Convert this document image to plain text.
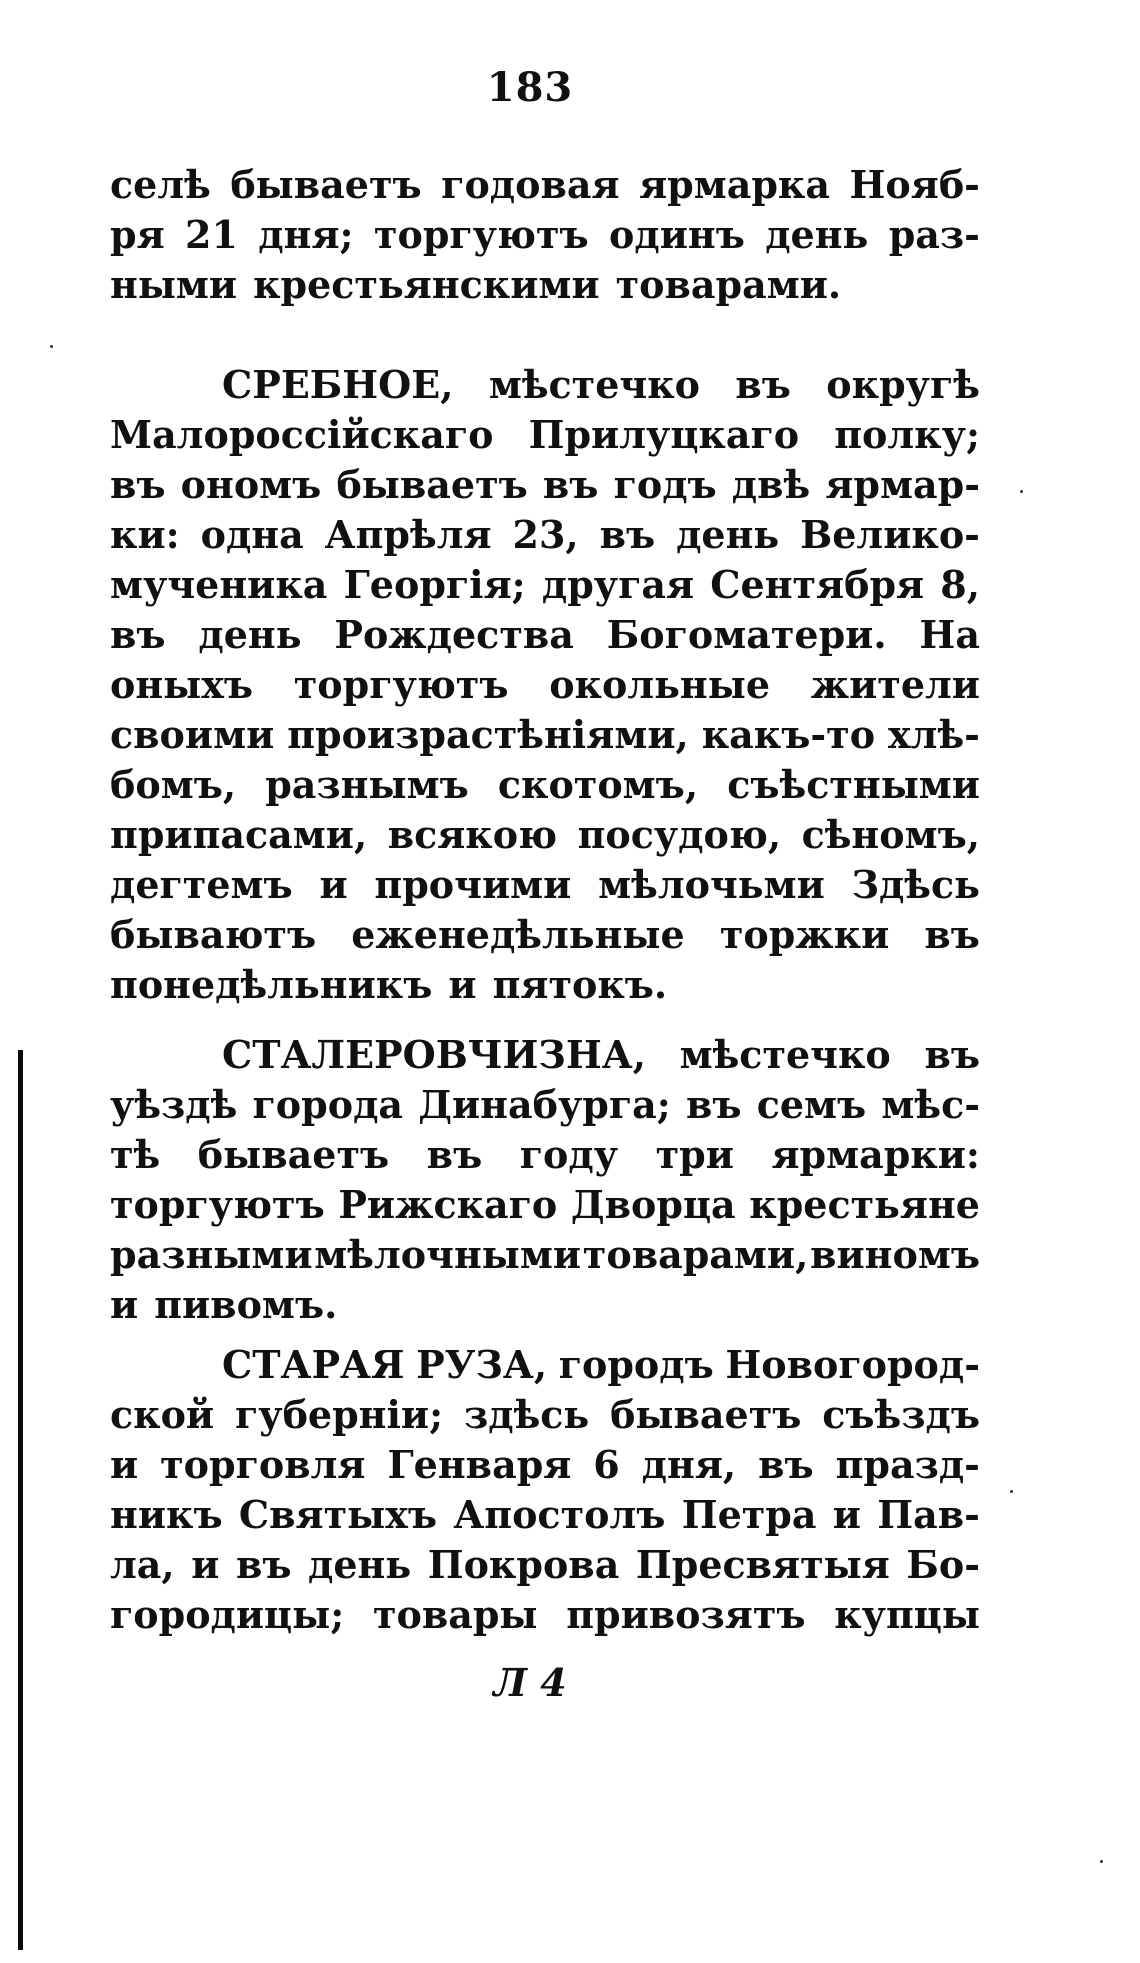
183
селѣ бываетъ годовая ярмарка Нояб-
ря 21 дня; торгуютъ одинъ день раз-
ными крестьянскими товарами.
СРЕБНОЕ, мѣстечко въ округѣ
Малороссійскаго Прилуцкаго полку;
въ ономъ бываетъ въ годъ двѣ ярмар-
ки: одна Апрѣля 23, въ день Велико-
мученика Георгія; другая Сентября 8,
въ день Рождества Богоматери. На
оныхъ торгуютъ окольные жители
своими произрастѣніями, какъ-то хлѣ-
бомъ, разнымъ скотомъ, съѣстными
припасами, всякою посудою, сѣномъ,
дегтемъ и прочими мѣлочьми Здѣсь
бываютъ еженедѣльные торжки въ
понедѣльникъ и пятокъ.
СТАЛЕРОВЧИЗНА, мѣстечко въ
уѣздѣ города Динабурга; въ семъ мѣс-
тѣ бываетъ въ году три ярмарки:
торгуютъ Рижскаго Дворца крестьяне
разными мѣлочными товарами, виномъ
и пивомъ.
СТАРАЯ РУЗА, городъ Новогород-
ской губерніи; здѣсь бываетъ съѣздъ
и торговля Генваря 6 дня, въ празд-
никъ Святыхъ Апостолъ Петра и Пав-
ла, и въ день Покрова Пресвятыя Бо-
городицы; товары привозятъ купцы
Л 4
